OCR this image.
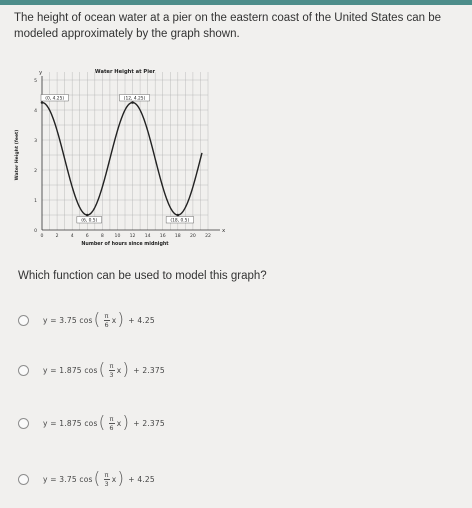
The height of ocean water at a pier on the eastern coast of the United States can be modeled approximately by the graph shown.
x
y
0	2	4	6	8 10 12 14 16 18 20 22
0
1
2
3
4
5
Water Height at Pier
Number of hours since midnight
Water Height (feet)
(0, 4.25)	(12, 4.25)
(6, 0.5)	(18, 0.5)
Which function can be used to model this graph?
y = 3.75 cos ( $\frac{\pi}{6}$ x ) + 4.25
y = 1.875 cos ( $\frac{\pi}{3}$ x ) + 2.375
y = 1.875 cos ( $\frac{\pi}{6}$ x ) + 2.375
y = 3.75 cos ( $\frac{\pi}{3}$ x ) + 4.25
